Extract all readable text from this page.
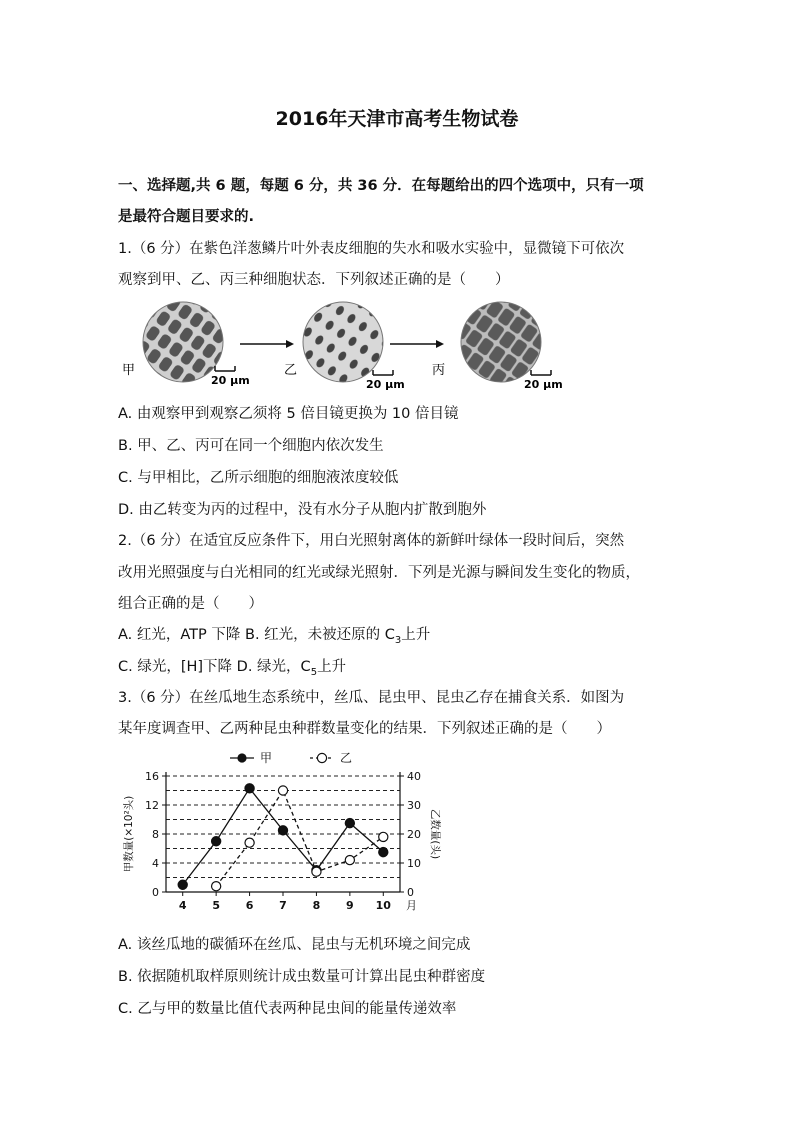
2016年天津市高考生物试卷
一、选择题,共 6 题，每题 6 分，共 36 分．在每题给出的四个选项中，只有一项
是最符合题目要求的.
1.（6 分）在紫色洋葱鳞片叶外表皮细胞的失水和吸水实验中，显微镜下可依次
观察到甲、乙、丙三种细胞状态．下列叙述正确的是（　　）
甲
20 μm
乙
20 μm
丙
20 μm
A. 由观察甲到观察乙须将 5 倍目镜更换为 10 倍目镜
B. 甲、乙、丙可在同一个细胞内依次发生
C. 与甲相比，乙所示细胞的细胞液浓度较低
D. 由乙转变为丙的过程中，没有水分子从胞内扩散到胞外
2.（6 分）在适宜反应条件下，用白光照射离体的新鲜叶绿体一段时间后，突然
改用光照强度与白光相同的红光或绿光照射．下列是光源与瞬间发生变化的物质，
组合正确的是（　　）
A. 红光，ATP 下降 B. 红光，未被还原的 $C_3$上升
C. 绿光，[H]下降 D. 绿光，$C_5$上升
3.（6 分）在丝瓜地生态系统中，丝瓜、昆虫甲、昆虫乙存在捕食关系．如图为
某年度调查甲、乙两种昆虫种群数量变化的结果．下列叙述正确的是（　　）
0
4
8
12
16
0
10
20
30
40
4 5 6 7 8 9 10 月
甲数量(×10²头)	乙数量(头)
甲	乙
A. 该丝瓜地的碳循环在丝瓜、昆虫与无机环境之间完成
B. 依据随机取样原则统计成虫数量可计算出昆虫种群密度
C. 乙与甲的数量比值代表两种昆虫间的能量传递效率
